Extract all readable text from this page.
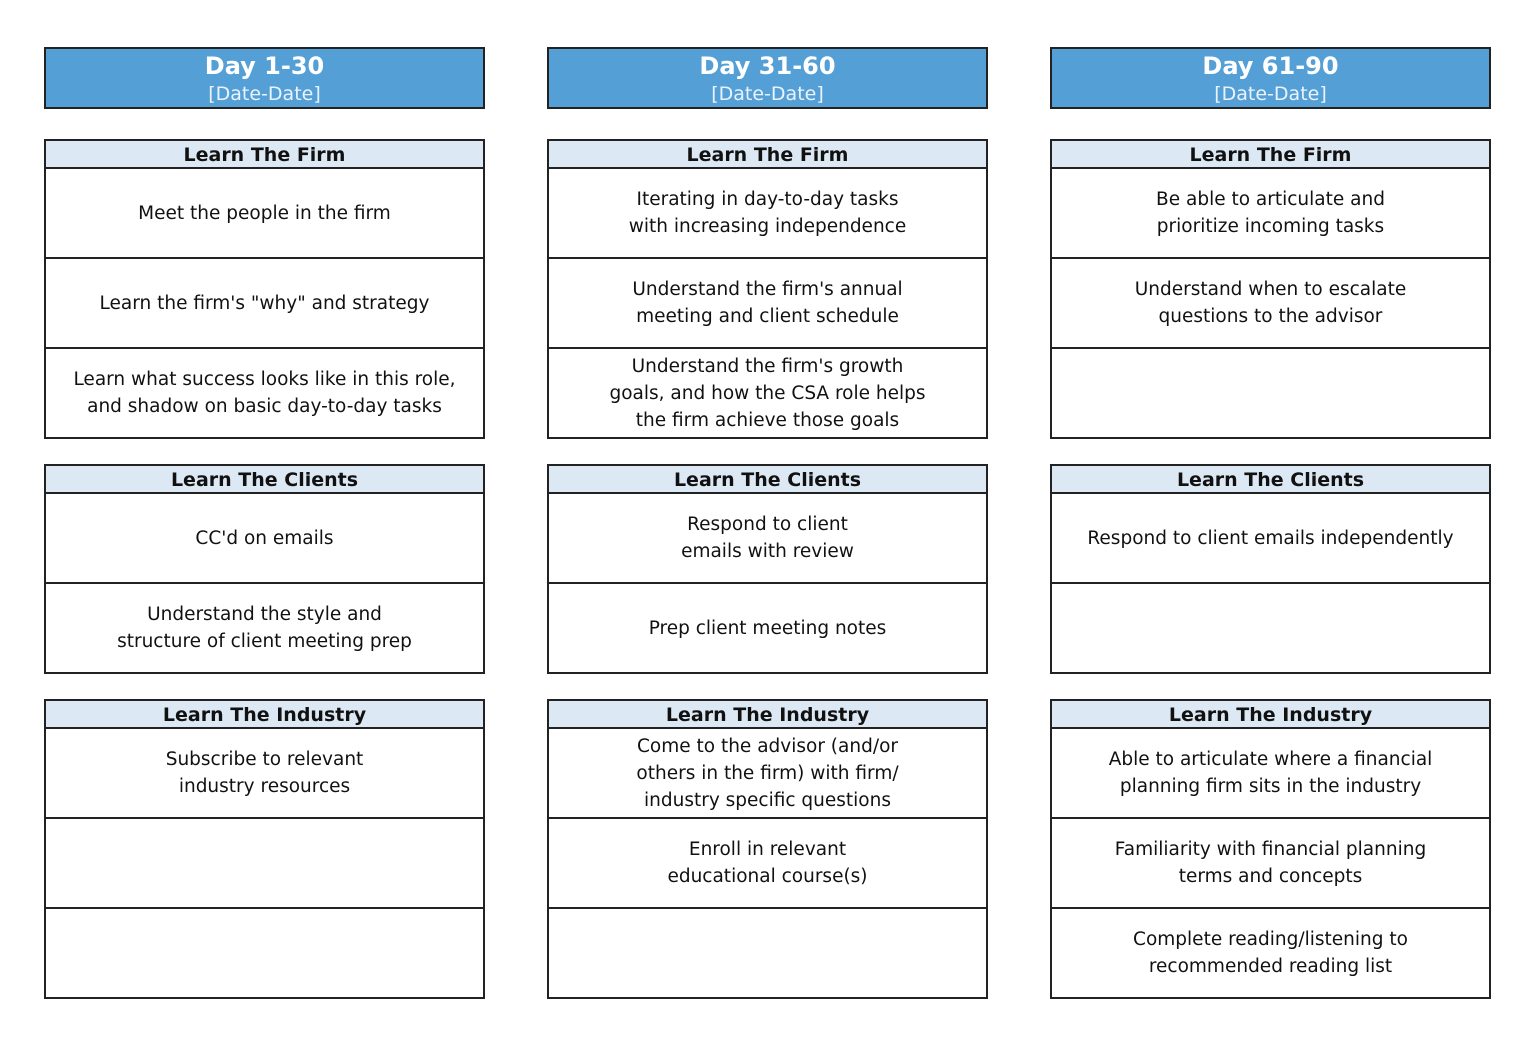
Day 1-30
[Date-Date]
Learn The Firm
Meet the people in the firm
Learn the firm's "why" and strategy
Learn what success looks like in this role,
and shadow on basic day-to-day tasks
Learn The Clients
CC'd on emails
Understand the style and
structure of client meeting prep
Learn The Industry
Subscribe to relevant
industry resources
Day 31-60
[Date-Date]
Learn The Firm
Iterating in day-to-day tasks
with increasing independence
Understand the firm's annual
meeting and client schedule
Understand the firm's growth
goals, and how the CSA role helps
the firm achieve those goals
Learn The Clients
Respond to client
emails with review
Prep client meeting notes
Learn The Industry
Come to the advisor (and/or
others in the firm) with firm/
industry specific questions
Enroll in relevant
educational course(s)
Day 61-90
[Date-Date]
Learn The Firm
Be able to articulate and
prioritize incoming tasks
Understand when to escalate
questions to the advisor
Learn The Clients
Respond to client emails independently
Learn The Industry
Able to articulate where a financial
planning firm sits in the industry
Familiarity with financial planning
terms and concepts
Complete reading/listening to
recommended reading list
